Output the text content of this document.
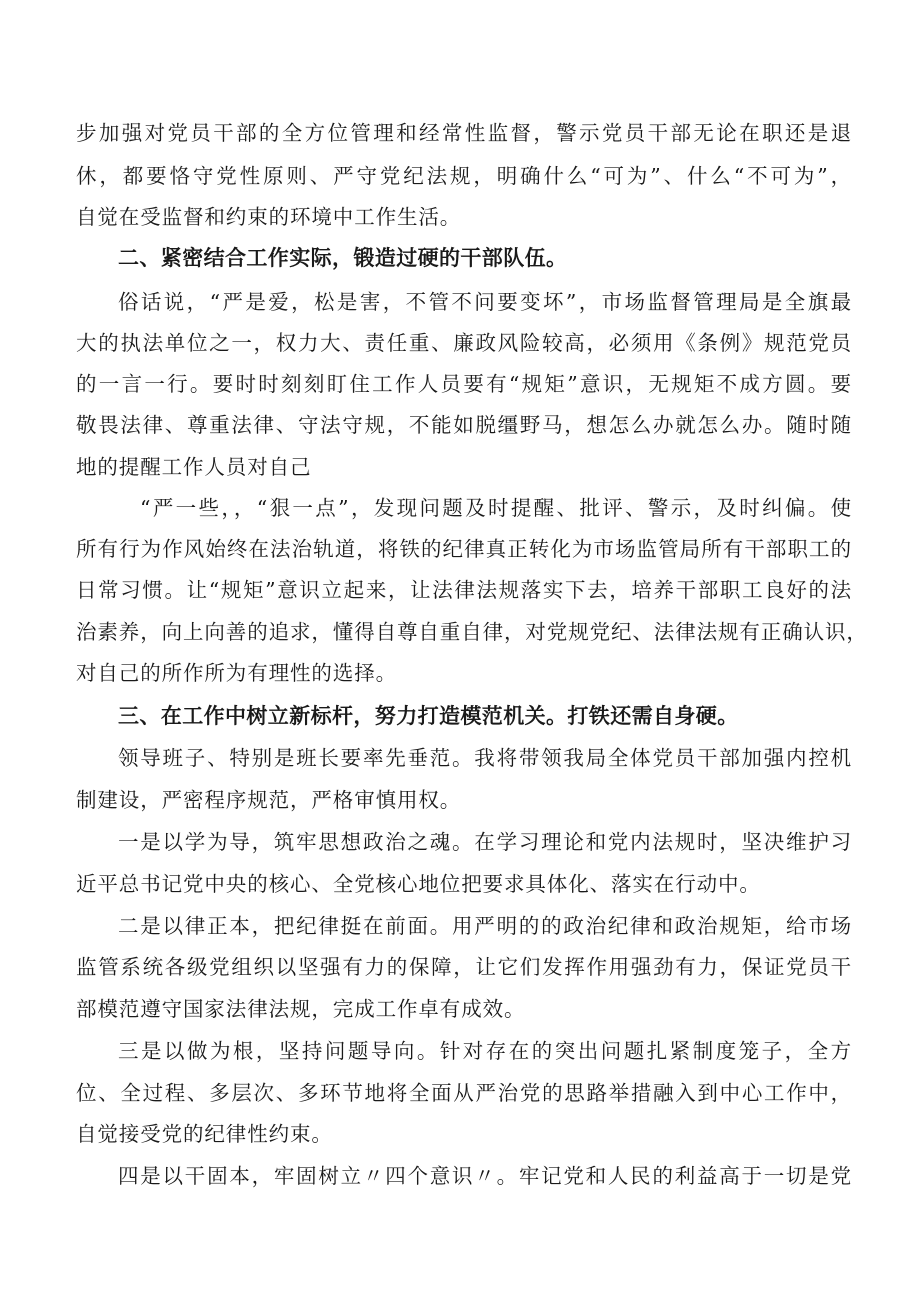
步加强对党员干部的全方位管理和经常性监督，警示党员干部无论在职还是退
休，都要恪守党性原则、严守党纪法规，明确什么“可为”、什么“不可为”，
自觉在受监督和约束的环境中工作生活。
二、紧密结合工作实际，锻造过硬的干部队伍。
俗话说，“严是爱，松是害，不管不问要变坏”，市场监督管理局是全旗最
大的执法单位之一，权力大、责任重、廉政风险较高，必须用《条例》规范党员
的一言一行。要时时刻刻盯住工作人员要有“规矩”意识，无规矩不成方圆。要
敬畏法律、尊重法律、守法守规，不能如脱缰野马，想怎么办就怎么办。随时随
地的提醒工作人员对自己
“严一些，，“狠一点”，发现问题及时提醒、批评、警示，及时纠偏。使
所有行为作风始终在法治轨道，将铁的纪律真正转化为市场监管局所有干部职工的
日常习惯。让“规矩”意识立起来，让法律法规落实下去，培养干部职工良好的法
治素养，向上向善的追求，懂得自尊自重自律，对党规党纪、法律法规有正确认识，
对自己的所作所为有理性的选择。
三、在工作中树立新标杆，努力打造模范机关。打铁还需自身硬。
领导班子、特别是班长要率先垂范。我将带领我局全体党员干部加强内控机
制建设，严密程序规范，严格审慎用权。
一是以学为导，筑牢思想政治之魂。在学习理论和党内法规时，坚决维护习
近平总书记党中央的核心、全党核心地位把要求具体化、落实在行动中。
二是以律正本，把纪律挺在前面。用严明的的政治纪律和政治规矩，给市场
监管系统各级党组织以坚强有力的保障，让它们发挥作用强劲有力，保证党员干
部模范遵守国家法律法规，完成工作卓有成效。
三是以做为根，坚持问题导向。针对存在的突出问题扎紧制度笼子，全方
位、全过程、多层次、多环节地将全面从严治党的思路举措融入到中心工作中，
自觉接受党的纪律性约束。
四是以干固本，牢固树立〃四个意识〃。牢记党和人民的利益高于一切是党
